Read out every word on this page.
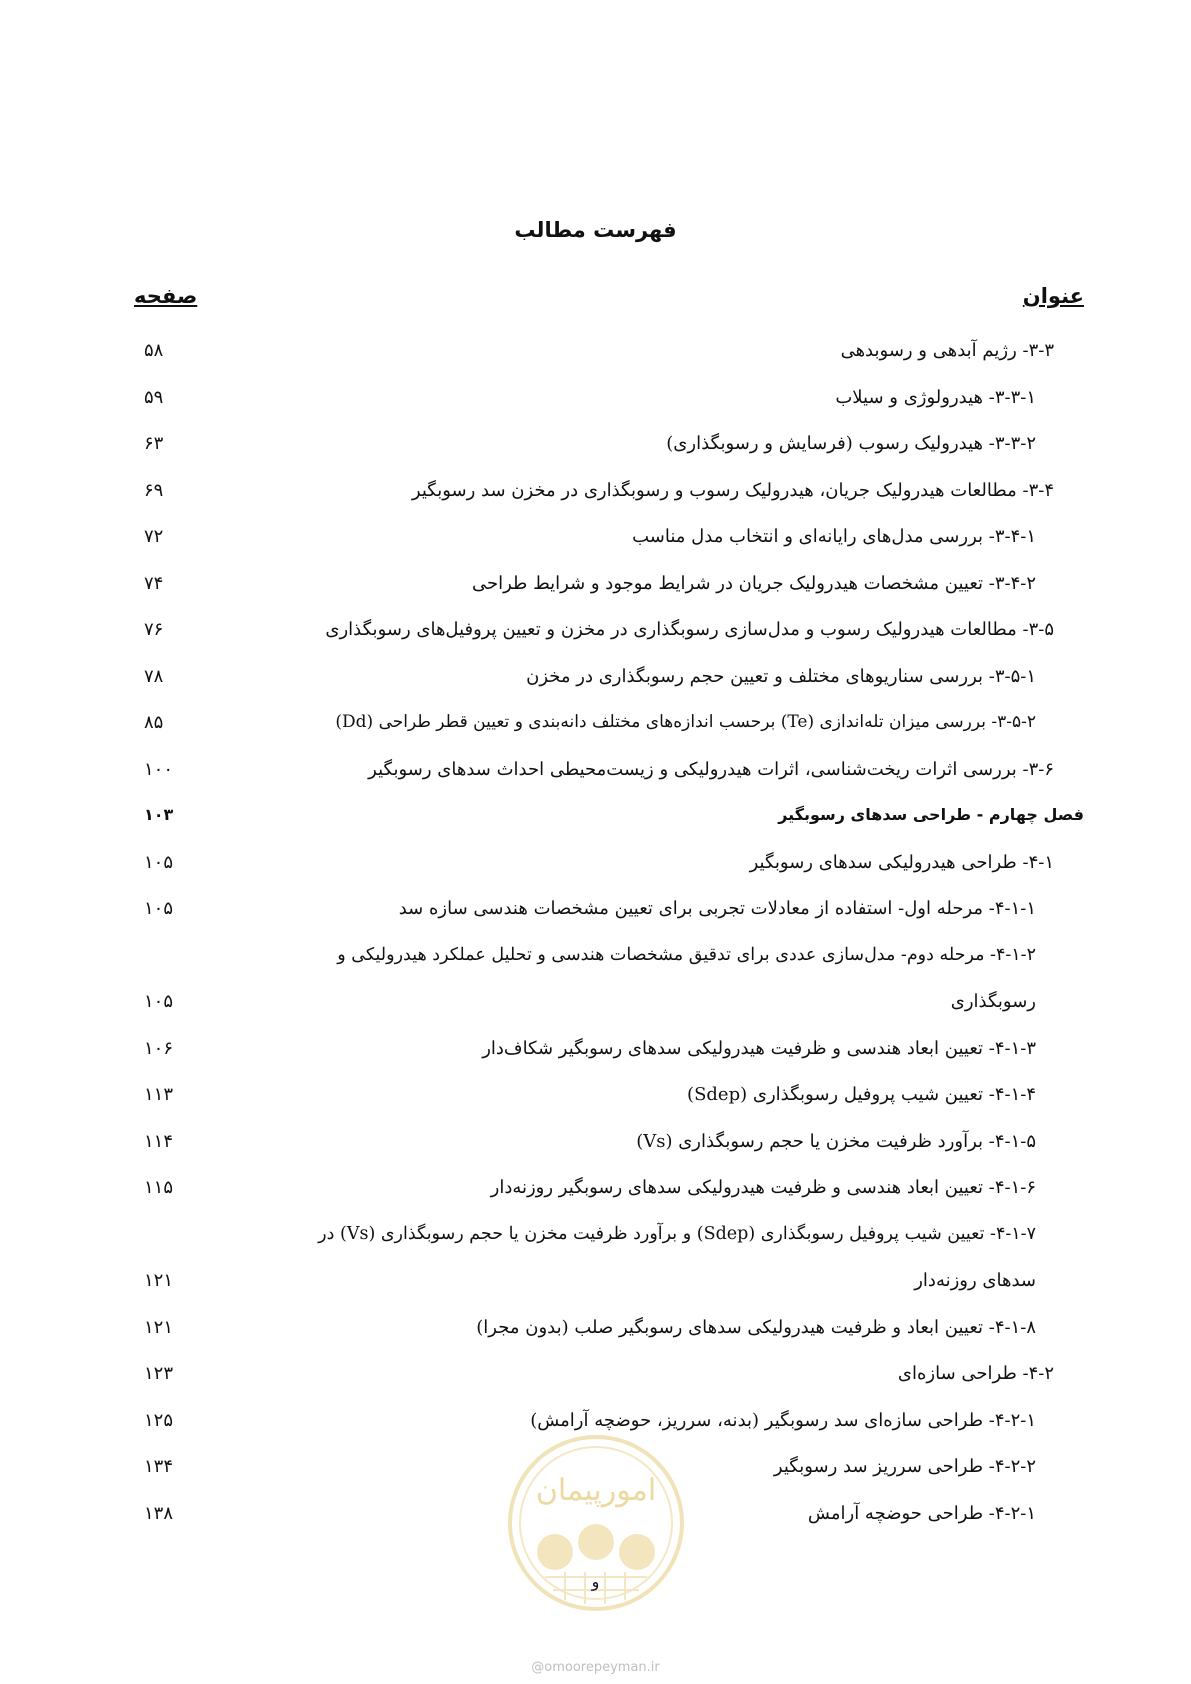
فهرست مطالب
عنوان
صفحه
۳-۳- رژیم آبدهی و رسوبدهی
۵۸
۳-۳-۱- هیدرولوژی و سیلاب
۵۹
۳-۳-۲- هیدرولیک رسوب (فرسایش و رسوبگذاری)
۶۳
۳-۴- مطالعات هیدرولیک جریان، هیدرولیک رسوب و رسوبگذاری در مخزن سد رسوبگیر
۶۹
۳-۴-۱- بررسی مدل‌های رایانه‌ای و انتخاب مدل مناسب
۷۲
۳-۴-۲- تعیین مشخصات هیدرولیک جریان در شرایط موجود و شرایط طراحی
۷۴
۳-۵- مطالعات هیدرولیک رسوب و مدل‌سازی رسوبگذاری در مخزن و تعیین پروفیل‌های رسوبگذاری
۷۶
۳-۵-۱- بررسی سناریوهای مختلف و تعیین حجم رسوبگذاری در مخزن
۷۸
۳-۵-۲- بررسی میزان تله‌اندازی (Te) برحسب اندازه‌های مختلف دانه‌بندی و تعیین قطر طراحی (Dd)
۸۵
۳-۶- بررسی اثرات ریخت‌شناسی، اثرات هیدرولیکی و زیست‌محیطی احداث سدهای رسوبگیر
۱۰۰
فصل چهارم - طراحی سدهای رسوبگیر
۱۰۳
۴-۱- طراحی هیدرولیکی سدهای رسوبگیر
۱۰۵
۴-۱-۱- مرحله اول- استفاده از معادلات تجربی برای تعیین مشخصات هندسی سازه سد
۱۰۵
۴-۱-۲- مرحله دوم- مدل‌سازی عددی برای تدقیق مشخصات هندسی و تحلیل عملکرد هیدرولیکی و
رسوبگذاری
۱۰۵
۴-۱-۳- تعیین ابعاد هندسی و ظرفیت هیدرولیکی سدهای رسوبگیر شکاف‌دار
۱۰۶
۴-۱-۴- تعیین شیب پروفیل رسوبگذاری (Sdep)
۱۱۳
۴-۱-۵- برآورد ظرفیت مخزن یا حجم رسوبگذاری (Vs)
۱۱۴
۴-۱-۶- تعیین ابعاد هندسی و ظرفیت هیدرولیکی سدهای رسوبگیر روزنه‌دار
۱۱۵
۴-۱-۷- تعیین شیب پروفیل رسوبگذاری (Sdep) و برآورد ظرفیت مخزن یا حجم رسوبگذاری (Vs) در
سدهای روزنه‌دار
۱۲۱
۴-۱-۸- تعیین ابعاد و ظرفیت هیدرولیکی سدهای رسوبگیر صلب (بدون مجرا)
۱۲۱
۴-۲- طراحی سازه‌ای
۱۲۳
۴-۲-۱- طراحی سازه‌ای سد رسوبگیر (بدنه، سرریز، حوضچه آرامش)
۱۲۵
۴-۲-۲- طراحی سرریز سد رسوبگیر
۱۳۴
۴-۲-۱- طراحی حوضچه آرامش
۱۳۸
امورپیمان
و
@omoorepeyman.ir
